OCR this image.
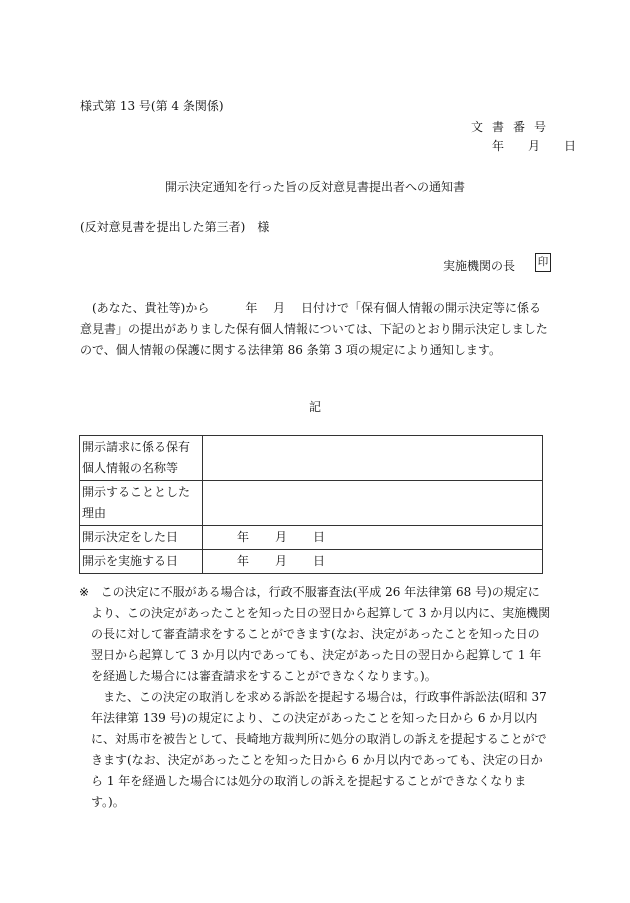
様式第 13 号(第 4 条関係)
文書番号
年 月 日
開示決定通知を行った旨の反対意見書提出者への通知書
(反対意見書を提出した第三者)　様
実施機関の長 印

(あなた、貴社等)から　　　年　 月　 日付けで「保有個人情報の開示決定等に係る意見書」の提出がありました保有個人情報については、下記のとおり開示決定しましたので、個人情報の保護に関する法律第 86 条第 3 項の規定により通知します。

記
開示請求に係る保有個人情報の名称等	
開示することとした理由	
開示決定をした日	年 月 日
開示を実施する日	年 月 日
※ この決定に不服がある場合は，行政不服審査法(平成 26 年法律第 68 号)の規定により、この決定があったことを知った日の翌日から起算して 3 か月以内に、実施機関の長に対して審査請求をすることができます(なお、決定があったことを知った日の翌日から起算して 3 か月以内であっても、決定があった日の翌日から起算して 1 年を経過した場合には審査請求をすることができなくなります。)。

また、この決定の取消しを求める訴訟を提起する場合は，行政事件訴訟法(昭和 37 年法律第 139 号)の規定により、この決定があったことを知った日から 6 か月以内に、対馬市を被告として、長崎地方裁判所に処分の取消しの訴えを提起することができます(なお、決定があったことを知った日から 6 か月以内であっても、決定の日から 1 年を経過した場合には処分の取消しの訴えを提起することができなくなります。)。
